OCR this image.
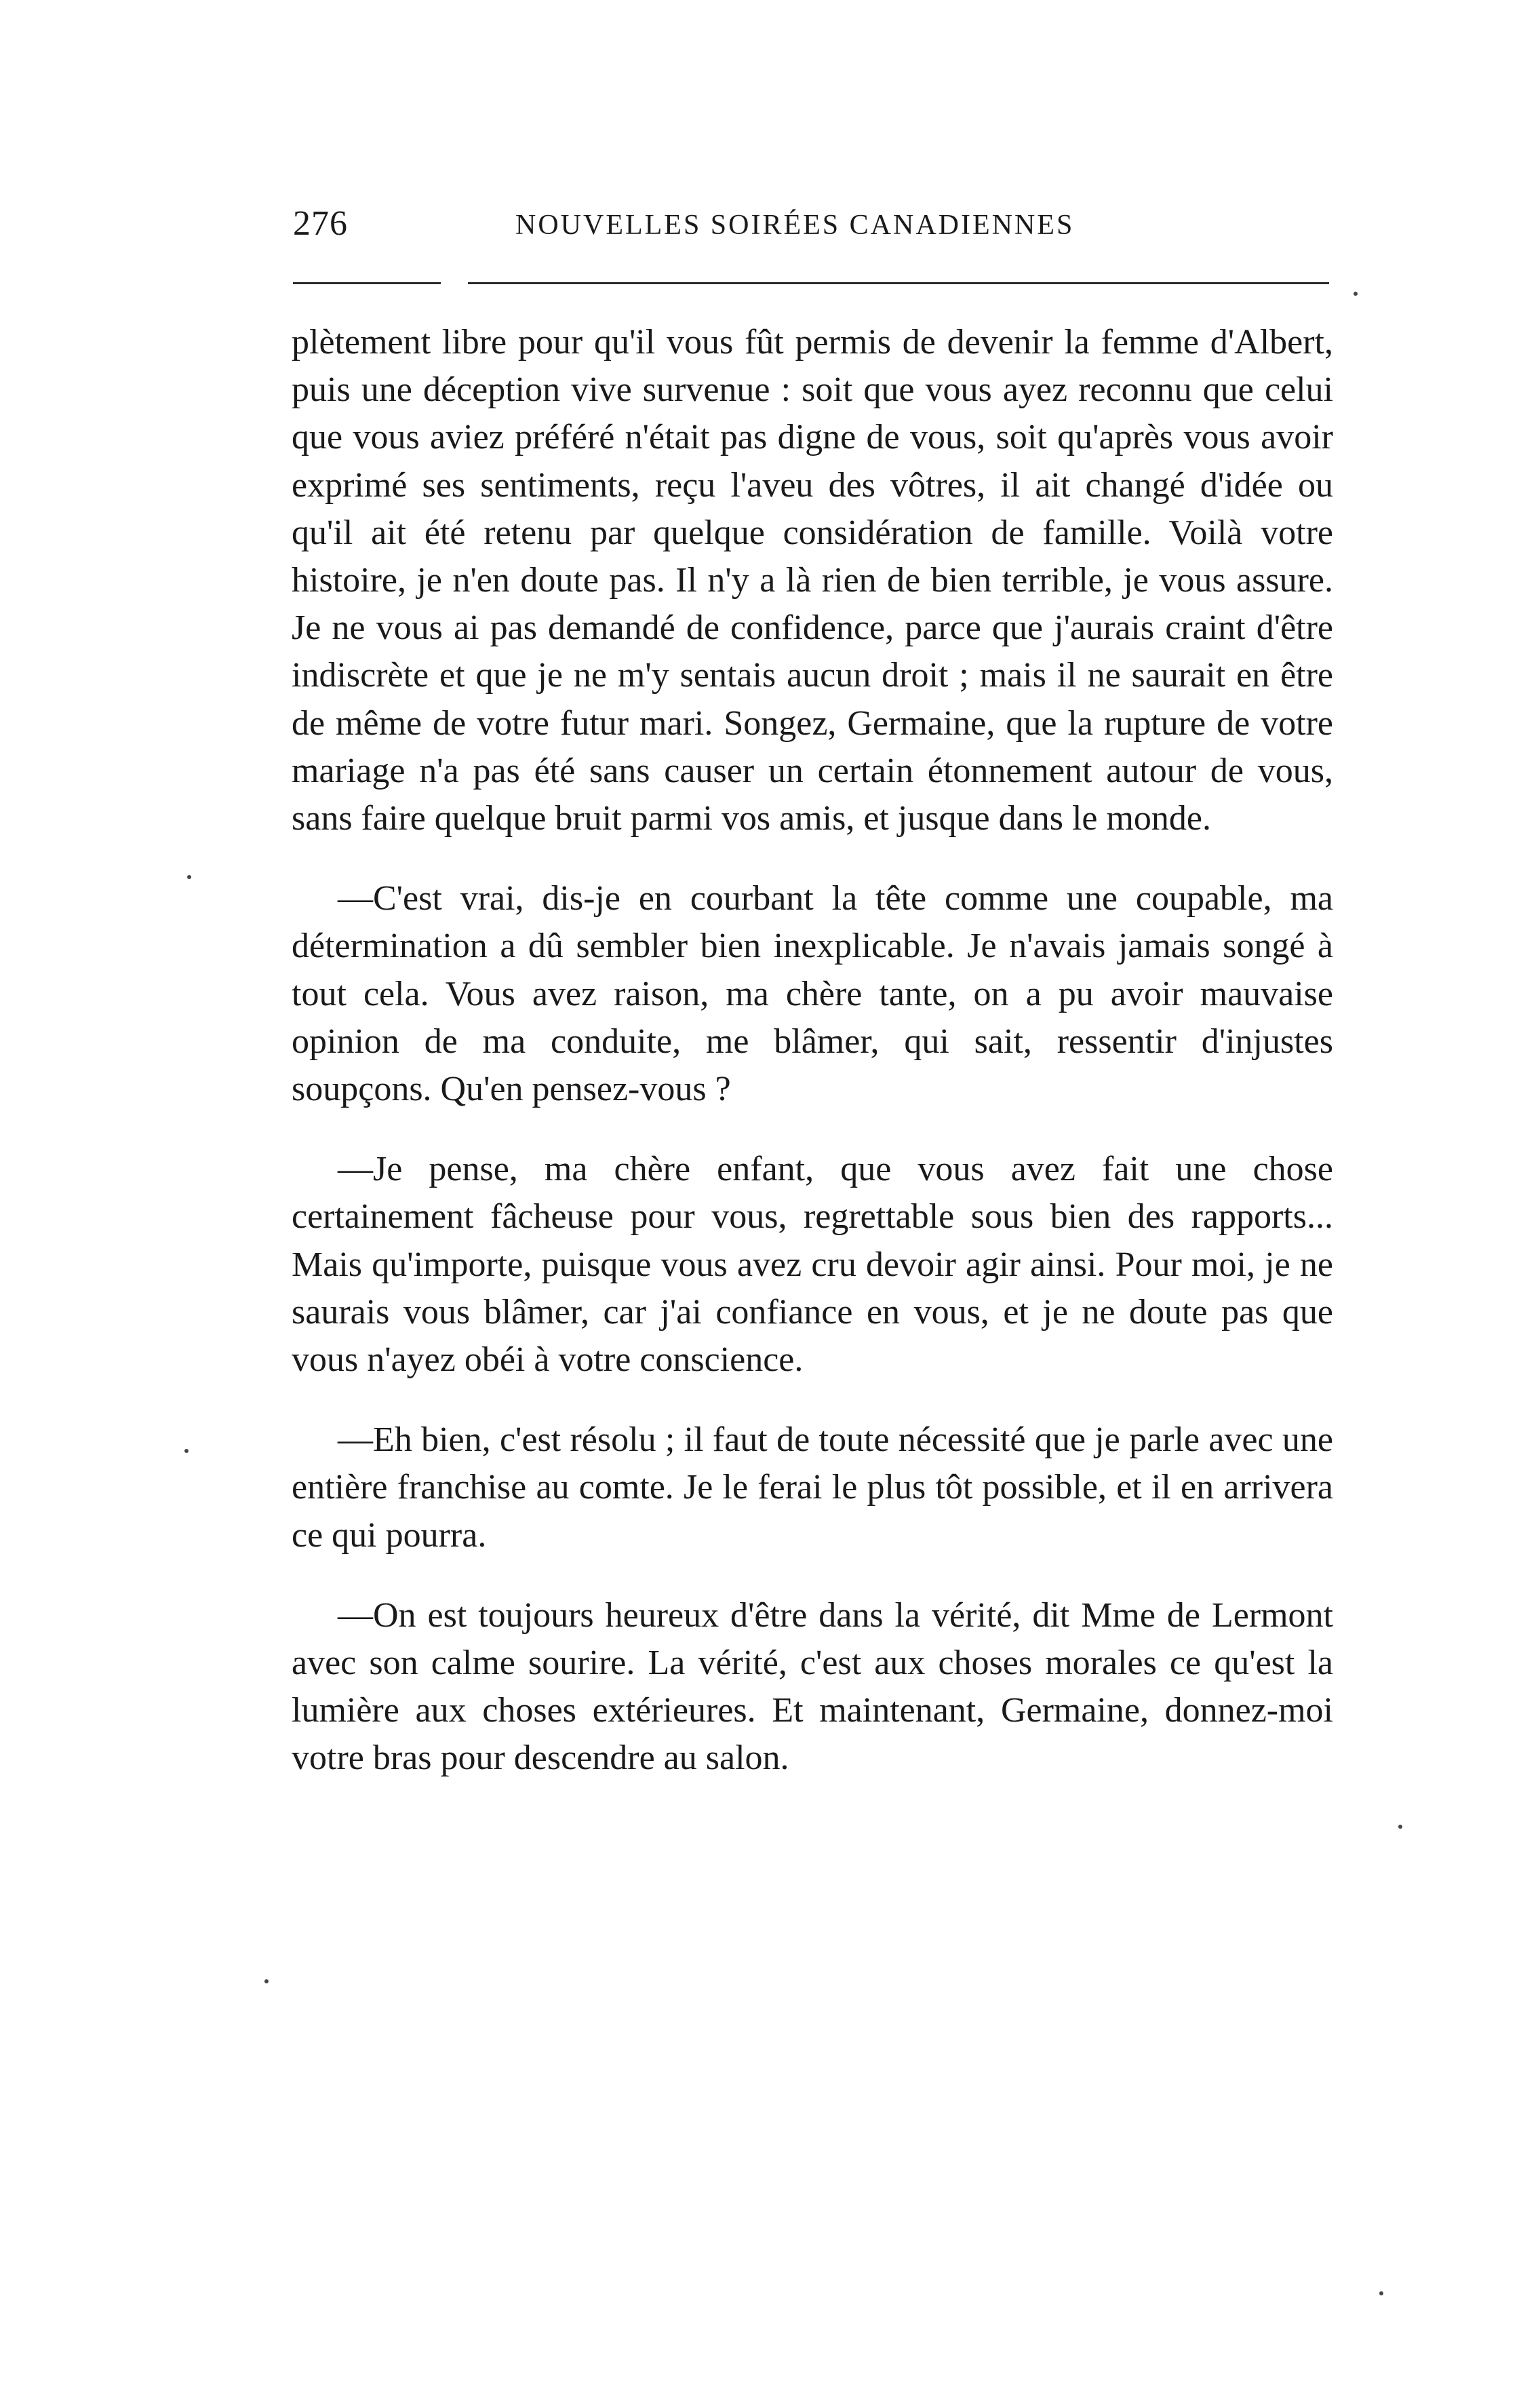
276	NOUVELLES SOIRÉES CANADIENNES

plètement libre pour qu'il vous fût permis de devenir la femme d'Albert, puis une déception vive survenue : soit que vous ayez reconnu que celui que vous aviez préféré n'était pas digne de vous, soit qu'après vous avoir exprimé ses sentiments, reçu l'aveu des vôtres, il ait changé d'idée ou qu'il ait été retenu par quelque considération de famille. Voilà votre histoire, je n'en doute pas. Il n'y a là rien de bien terrible, je vous assure. Je ne vous ai pas demandé de confidence, parce que j'aurais craint d'être indiscrète et que je ne m'y sentais aucun droit ; mais il ne saurait en être de même de votre futur mari. Songez, Germaine, que la rupture de votre mariage n'a pas été sans causer un certain étonnement autour de vous, sans faire quelque bruit parmi vos amis, et jusque dans le monde.

—C'est vrai, dis-je en courbant la tête comme une coupable, ma détermination a dû sembler bien inexplicable. Je n'avais jamais songé à tout cela. Vous avez raison, ma chère tante, on a pu avoir mauvaise opinion de ma conduite, me blâmer, qui sait, ressentir d'injustes soupçons. Qu'en pensez-vous ?

—Je pense, ma chère enfant, que vous avez fait une chose certainement fâcheuse pour vous, regrettable sous bien des rapports... Mais qu'importe, puisque vous avez cru devoir agir ainsi. Pour moi, je ne saurais vous blâmer, car j'ai confiance en vous, et je ne doute pas que vous n'ayez obéi à votre conscience.

—Eh bien, c'est résolu ; il faut de toute nécessité que je parle avec une entière franchise au comte. Je le ferai le plus tôt possible, et il en arrivera ce qui pourra.

—On est toujours heureux d'être dans la vérité, dit Mme de Lermont avec son calme sourire. La vérité, c'est aux choses morales ce qu'est la lumière aux choses extérieures. Et maintenant, Germaine, donnez-moi votre bras pour descendre au salon.
